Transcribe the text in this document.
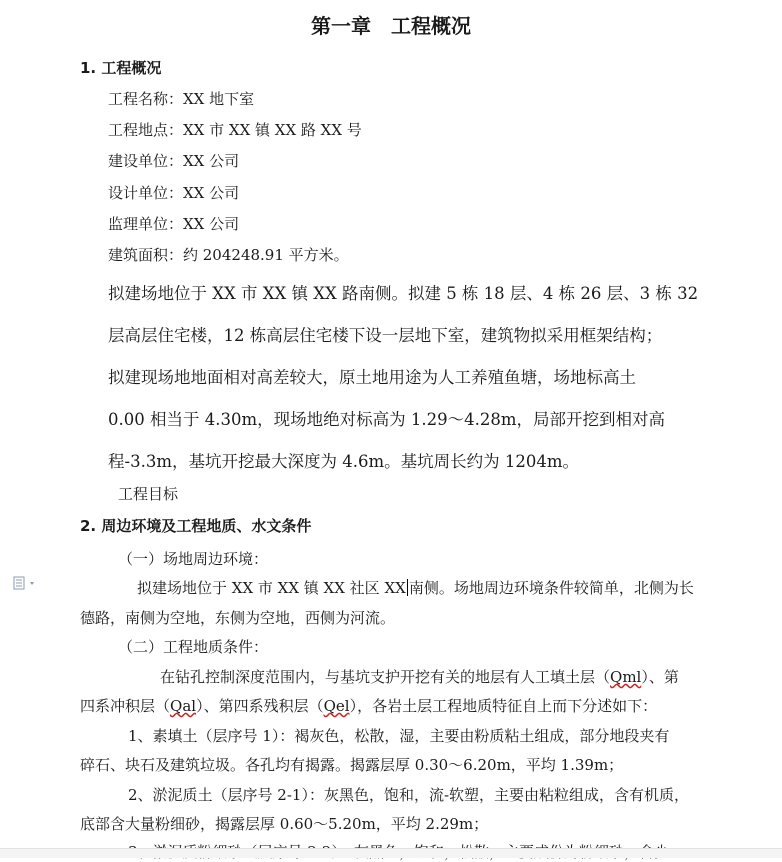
第一章　工程概况
1. 工程概况
工程名称：XX 地下室
工程地点：XX 市 XX 镇 XX 路 XX 号
建设单位：XX 公司
设计单位：XX 公司
监理单位：XX 公司
建筑面积：约 204248.91 平方米。
拟建场地位于 XX 市 XX 镇 XX 路南侧。拟建 5 栋 18 层、4 栋 26 层、3 栋 32
层高层住宅楼，12 栋高层住宅楼下设一层地下室，建筑物拟采用框架结构；
拟建现场地地面相对高差较大，原土地用途为人工养殖鱼塘，场地标高土
0.00 相当于 4.30m，现场地绝对标高为 1.29～4.28m，局部开挖到相对高
程-3.3m，基坑开挖最大深度为 4.6m。基坑周长约为 1204m。
工程目标
2. 周边环境及工程地质、水文条件
（一）场地周边环境：
拟建场地位于 XX 市 XX 镇 XX 社区 XX 南侧。场地周边环境条件较简单，北侧为长
德路，南侧为空地，东侧为空地，西侧为河流。
（二）工程地质条件：
在钻孔控制深度范围内，与基坑支护开挖有关的地层有人工填土层（Qml）、第
四系冲积层（Qal）、第四系残积层（Qel），各岩土层工程地质特征自上而下分述如下：
1、素填土（层序号 1）：褐灰色，松散，湿，主要由粉质粘土组成，部分地段夹有
碎石、块石及建筑垃圾。各孔均有揭露。揭露层厚 0.30～6.20m，平均 1.39m；
2、淤泥质土（层序号 2-1）：灰黑色，饱和，流-软塑，主要由粘粒组成，含有机质，
底部含大量粉细砂，揭露层厚 0.60～5.20m，平均 2.29m；
